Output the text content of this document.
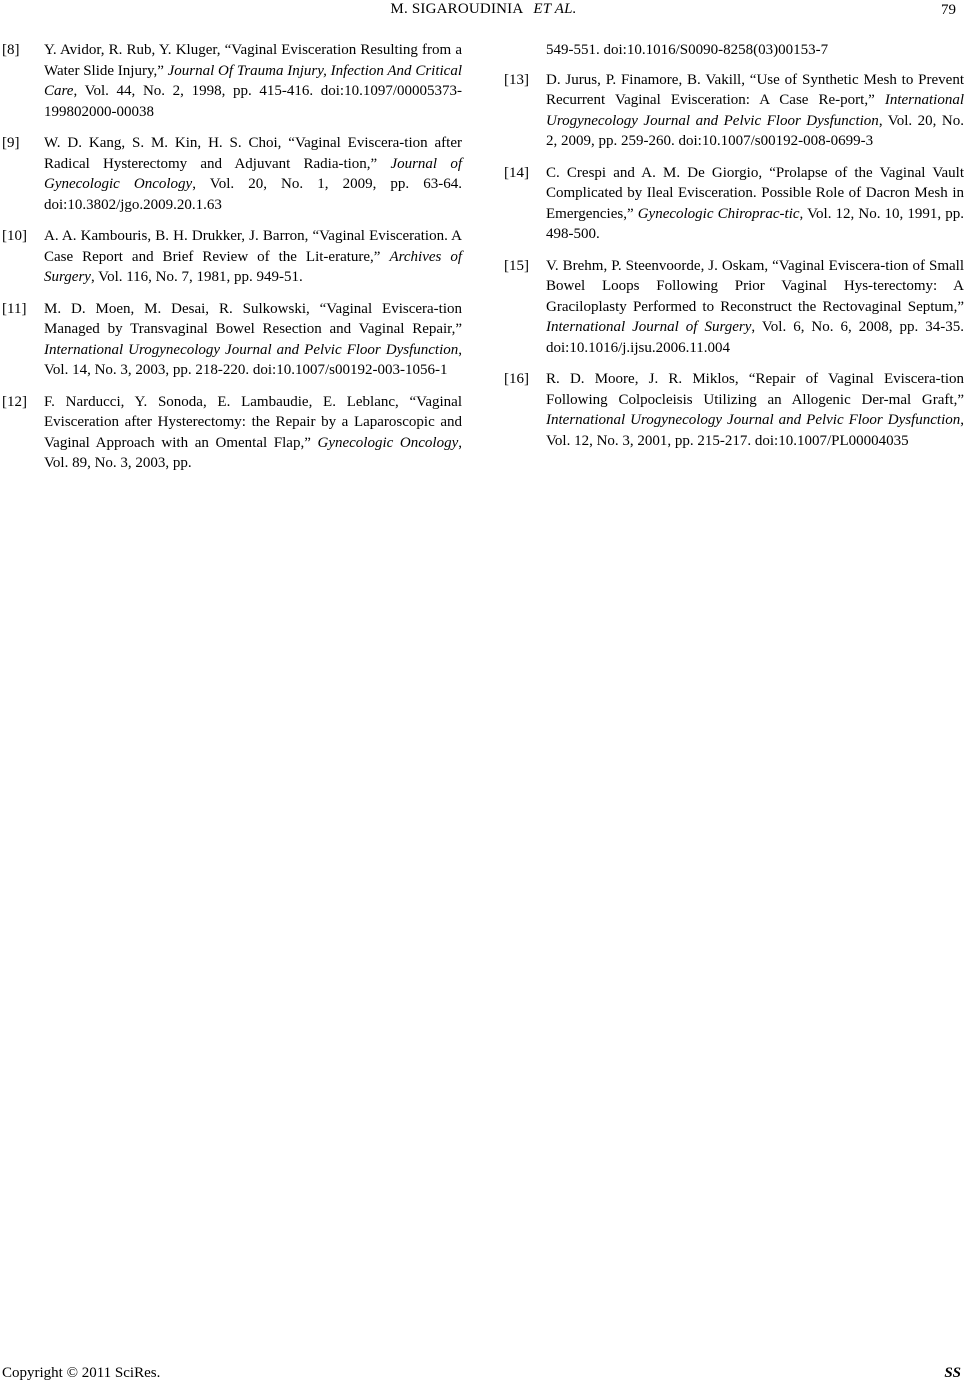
M. SIGAROUDINIA ET AL.	79
[8] Y. Avidor, R. Rub, Y. Kluger, “Vaginal Evisceration Resulting from a Water Slide Injury,” Journal Of Trauma Injury, Infection And Critical Care, Vol. 44, No. 2, 1998, pp. 415-416. doi:10.1097/00005373-199802000-00038
[9] W. D. Kang, S. M. Kin, H. S. Choi, “Vaginal Eviscera-tion after Radical Hysterectomy and Adjuvant Radia-tion,” Journal of Gynecologic Oncology, Vol. 20, No. 1, 2009, pp. 63-64. doi:10.3802/jgo.2009.20.1.63
[10] A. A. Kambouris, B. H. Drukker, J. Barron, “Vaginal Evisceration. A Case Report and Brief Review of the Lit-erature,” Archives of Surgery, Vol. 116, No. 7, 1981, pp. 949-51.
[11] M. D. Moen, M. Desai, R. Sulkowski, “Vaginal Eviscera-tion Managed by Transvaginal Bowel Resection and Vaginal Repair,” International Urogynecology Journal and Pelvic Floor Dysfunction, Vol. 14, No. 3, 2003, pp. 218-220. doi:10.1007/s00192-003-1056-1
[12] F. Narducci, Y. Sonoda, E. Lambaudie, E. Leblanc, “Vaginal Evisceration after Hysterectomy: the Repair by a Laparoscopic and Vaginal Approach with an Omental Flap,” Gynecologic Oncology, Vol. 89, No. 3, 2003, pp.
549-551. doi:10.1016/S0090-8258(03)00153-7
[13] D. Jurus, P. Finamore, B. Vakill, “Use of Synthetic Mesh to Prevent Recurrent Vaginal Evisceration: A Case Re-port,” International Urogynecology Journal and Pelvic Floor Dysfunction, Vol. 20, No. 2, 2009, pp. 259-260. doi:10.1007/s00192-008-0699-3
[14] C. Crespi and A. M. De Giorgio, “Prolapse of the Vaginal Vault Complicated by Ileal Evisceration. Possible Role of Dacron Mesh in Emergencies,” Gynecologic Chiroprac-tic, Vol. 12, No. 10, 1991, pp. 498-500.
[15] V. Brehm, P. Steenvoorde, J. Oskam, “Vaginal Eviscera-tion of Small Bowel Loops Following Prior Vaginal Hys-terectomy: A Graciloplasty Performed to Reconstruct the Rectovaginal Septum,” International Journal of Surgery, Vol. 6, No. 6, 2008, pp. 34-35. doi:10.1016/j.ijsu.2006.11.004
[16] R. D. Moore, J. R. Miklos, “Repair of Vaginal Eviscera-tion Following Colpocleisis Utilizing an Allogenic Der-mal Graft,” International Urogynecology Journal and Pelvic Floor Dysfunction, Vol. 12, No. 3, 2001, pp. 215-217. doi:10.1007/PL00004035
Copyright © 2011 SciRes.	SS
